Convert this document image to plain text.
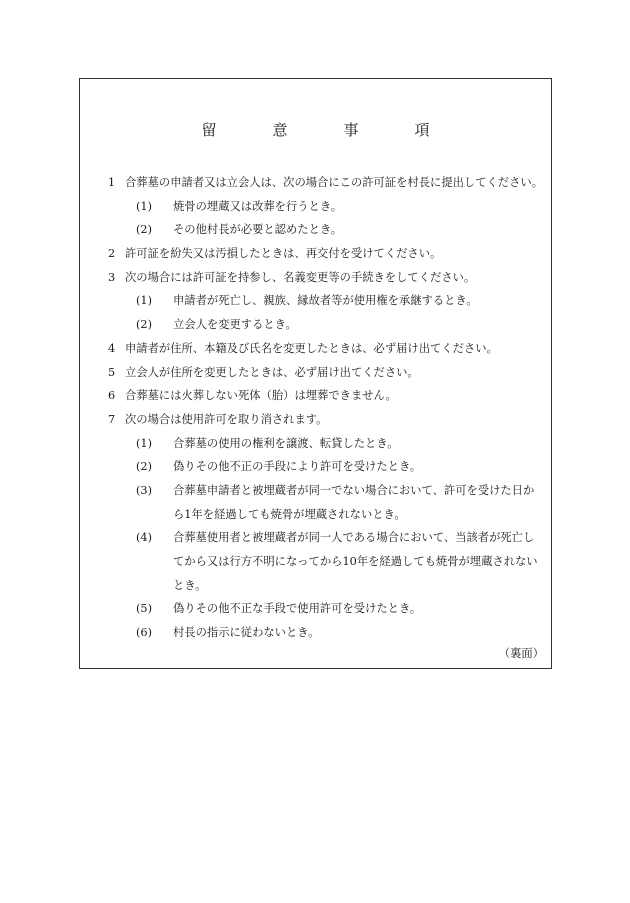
留	意	事	項
1 合葬墓の申請者又は立会人は、次の場合にこの許可証を村長に提出してください。
(1)	焼骨の埋蔵又は改葬を行うとき。
(2)	その他村長が必要と認めたとき。
2 許可証を紛失又は汚損したときは、再交付を受けてください。
3 次の場合には許可証を持参し、名義変更等の手続きをしてください。
(1)	申請者が死亡し、親族、縁故者等が使用権を承継するとき。
(2)	立会人を変更するとき。
4 申請者が住所、本籍及び氏名を変更したときは、必ず届け出てください。
5 立会人が住所を変更したときは、必ず届け出てください。
6 合葬墓には火葬しない死体（胎）は埋葬できません。
7 次の場合は使用許可を取り消されます。
(1)	合葬墓の使用の権利を譲渡、転貸したとき。
(2)	偽りその他不正の手段により許可を受けたとき。
(3)	合葬墓申請者と被埋蔵者が同一でない場合において、許可を受けた日か
ら1年を経過しても焼骨が埋蔵されないとき。
(4)	合葬墓使用者と被埋蔵者が同一人である場合において、当該者が死亡し
てから又は行方不明になってから10年を経過しても焼骨が埋蔵されない
とき。
(5)	偽りその他不正な手段で使用許可を受けたとき。
(6)	村長の指示に従わないとき。
（裏面）
